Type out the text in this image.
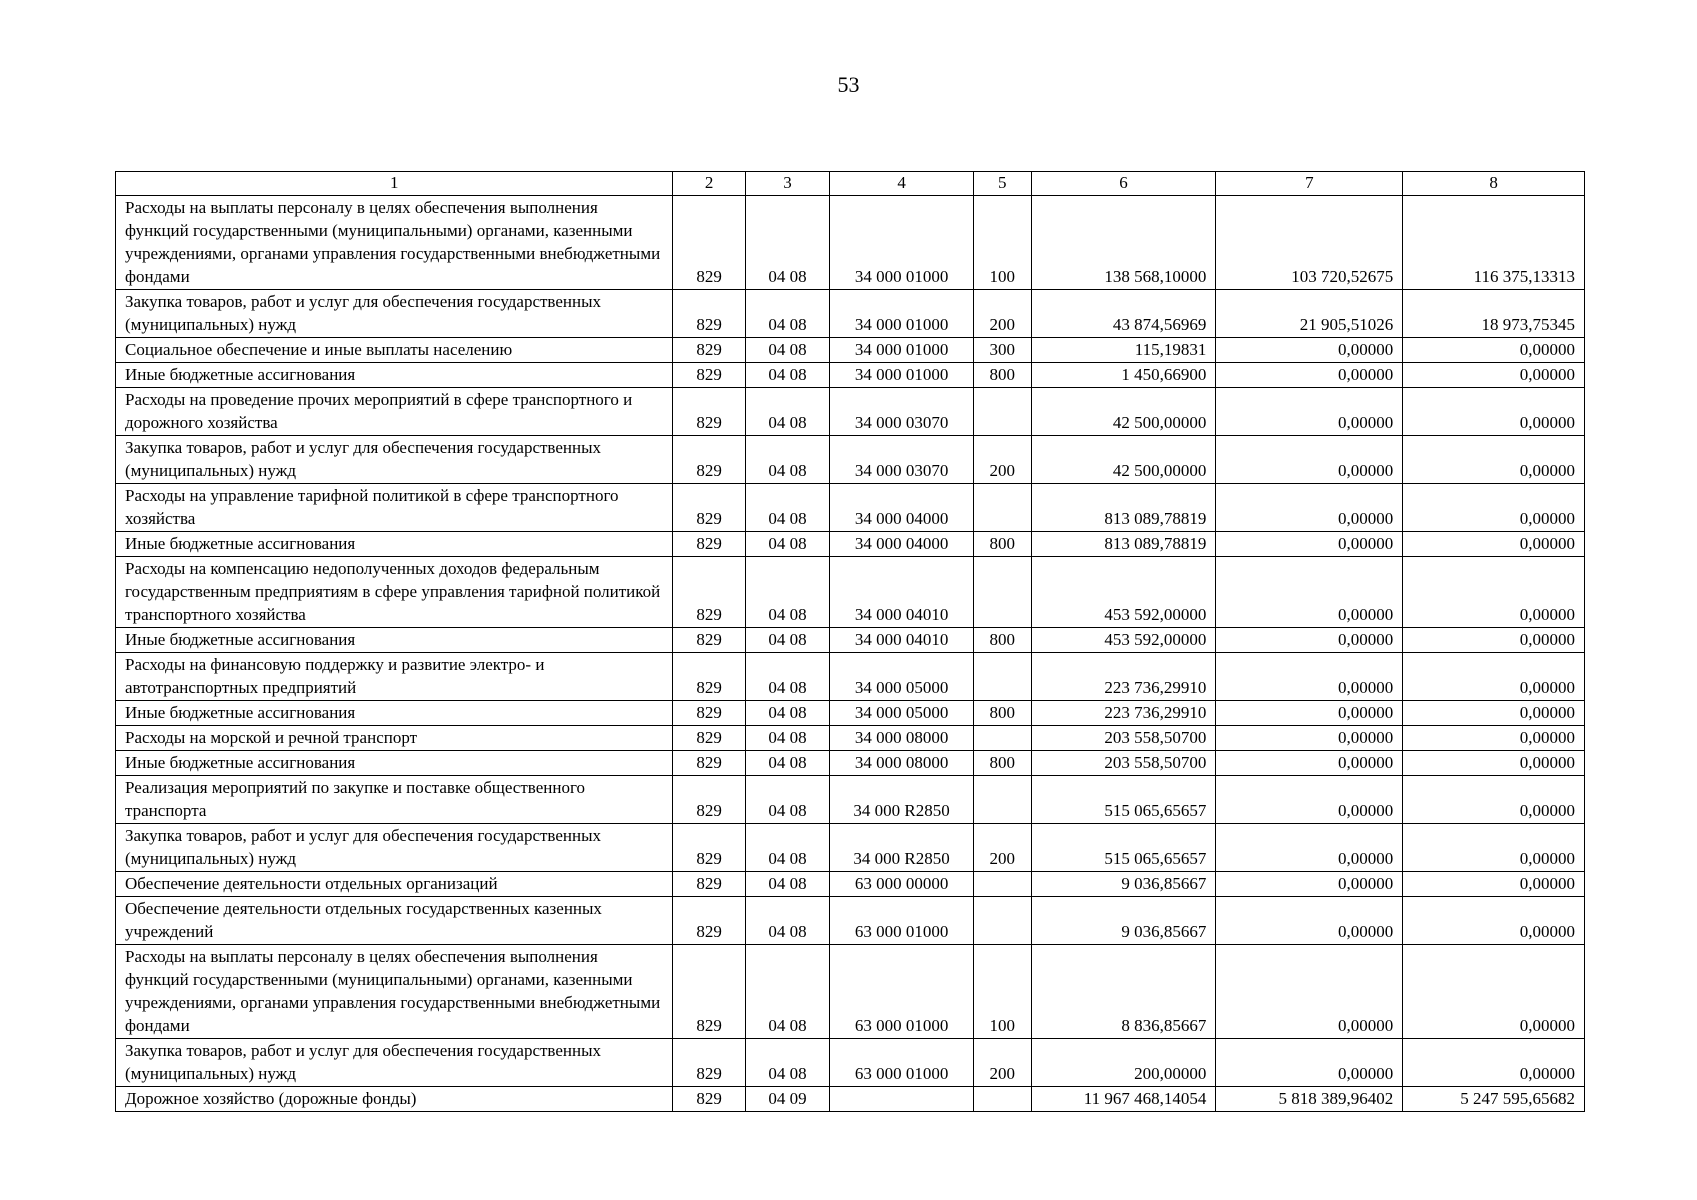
53
1	2	3	4	5	6	7	8
Расходы на выплаты персоналу в целях обеспечения выполнения функций государственными (муниципальными) органами, казенными учреждениями, органами управления государственными внебюджетными фондами	829	04 08	34 000 01000	100	138 568,10000	103 720,52675	116 375,13313
Закупка товаров, работ и услуг для обеспечения государственных (муниципальных) нужд	829	04 08	34 000 01000	200	43 874,56969	21 905,51026	18 973,75345
Социальное обеспечение и иные выплаты населению	829	04 08	34 000 01000	300	115,19831	0,00000	0,00000
Иные бюджетные ассигнования	829	04 08	34 000 01000	800	1 450,66900	0,00000	0,00000
Расходы на проведение прочих мероприятий в сфере транспортного и дорожного хозяйства	829	04 08	34 000 03070		42 500,00000	0,00000	0,00000
Закупка товаров, работ и услуг для обеспечения государственных (муниципальных) нужд	829	04 08	34 000 03070	200	42 500,00000	0,00000	0,00000
Расходы на управление тарифной политикой в сфере транспортного хозяйства	829	04 08	34 000 04000		813 089,78819	0,00000	0,00000
Иные бюджетные ассигнования	829	04 08	34 000 04000	800	813 089,78819	0,00000	0,00000
Расходы на компенсацию недополученных доходов федеральным государственным предприятиям в сфере управления тарифной политикой транспортного хозяйства	829	04 08	34 000 04010		453 592,00000	0,00000	0,00000
Иные бюджетные ассигнования	829	04 08	34 000 04010	800	453 592,00000	0,00000	0,00000
Расходы на финансовую поддержку и развитие электро- и автотранспортных предприятий	829	04 08	34 000 05000		223 736,29910	0,00000	0,00000
Иные бюджетные ассигнования	829	04 08	34 000 05000	800	223 736,29910	0,00000	0,00000
Расходы на морской и речной транспорт	829	04 08	34 000 08000		203 558,50700	0,00000	0,00000
Иные бюджетные ассигнования	829	04 08	34 000 08000	800	203 558,50700	0,00000	0,00000
Реализация мероприятий по закупке и поставке общественного транспорта	829	04 08	34 000 R2850		515 065,65657	0,00000	0,00000
Закупка товаров, работ и услуг для обеспечения государственных (муниципальных) нужд	829	04 08	34 000 R2850	200	515 065,65657	0,00000	0,00000
Обеспечение деятельности отдельных организаций	829	04 08	63 000 00000		9 036,85667	0,00000	0,00000
Обеспечение деятельности отдельных государственных казенных учреждений	829	04 08	63 000 01000		9 036,85667	0,00000	0,00000
Расходы на выплаты персоналу в целях обеспечения выполнения функций государственными (муниципальными) органами, казенными учреждениями, органами управления государственными внебюджетными фондами	829	04 08	63 000 01000	100	8 836,85667	0,00000	0,00000
Закупка товаров, работ и услуг для обеспечения государственных (муниципальных) нужд	829	04 08	63 000 01000	200	200,00000	0,00000	0,00000
Дорожное хозяйство (дорожные фонды)	829	04 09			11 967 468,14054	5 818 389,96402	5 247 595,65682
